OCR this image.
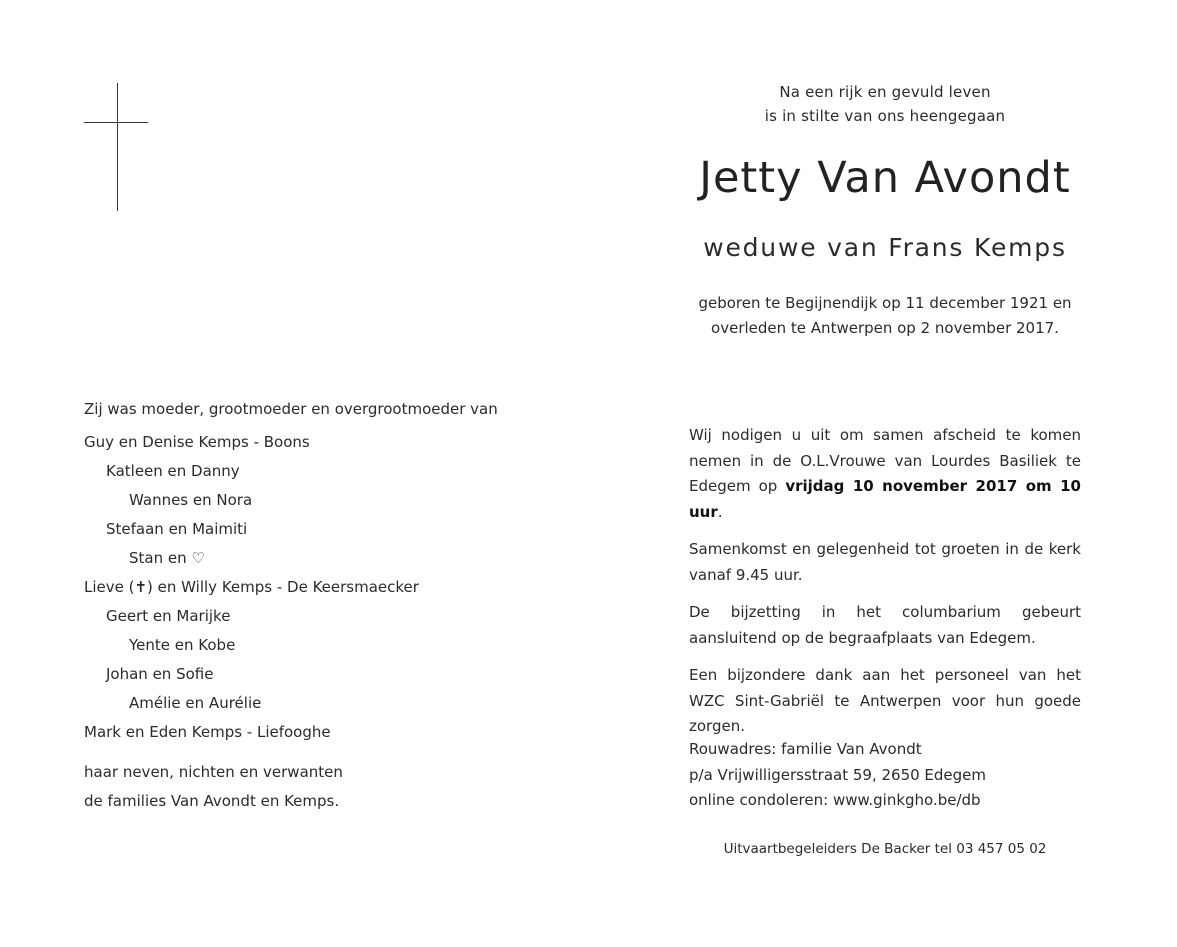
Na een rijk en gevuld leven
is in stilte van ons heengegaan
Jetty Van Avondt
weduwe van Frans Kemps
geboren te Begijnendijk op 11 december 1921 en
overleden te Antwerpen op 2 november 2017.
Zij was moeder, grootmoeder en overgrootmoeder van
Guy en Denise Kemps - Boons
Katleen en Danny
Wannes en Nora
Stefaan en Maimiti
Stan en ♡
Lieve (✝) en Willy Kemps - De Keersmaecker
Geert en Marijke
Yente en Kobe
Johan en Sofie
Amélie en Aurélie
Mark en Eden Kemps - Liefooghe
haar neven, nichten en verwanten
de families Van Avondt en Kemps.

Wij nodigen u uit om samen afscheid te komen nemen in de O.L.Vrouwe van Lourdes Basiliek te Edegem op vrijdag 10 november 2017 om 10 uur.

Samenkomst en gelegenheid tot groeten in de kerk vanaf 9.45 uur.

De bijzetting in het columbarium gebeurt aansluitend op de begraafplaats van Edegem.

Een bijzondere dank aan het personeel van het WZC Sint-Gabriël te Antwerpen voor hun goede zorgen.

Rouwadres: familie Van Avondt
p/a Vrijwilligersstraat 59, 2650 Edegem
online condoleren: www.ginkgho.be/db
Uitvaartbegeleiders De Backer tel 03 457 05 02
